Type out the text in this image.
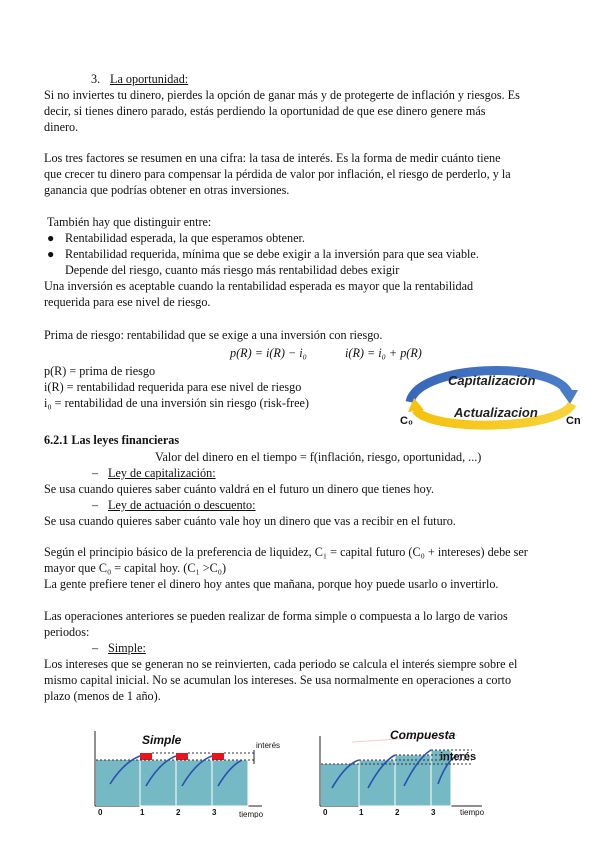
3. La oportunidad:
Si no inviertes tu dinero, pierdes la opción de ganar más y de protegerte de inflación y riesgos. Es
decir, si tienes dinero parado, estás perdiendo la oportunidad de que ese dinero genere más
dinero.
Los tres factores se resumen en una cifra: la tasa de interés. Es la forma de medir cuánto tiene
que crecer tu dinero para compensar la pérdida de valor por inflación, el riesgo de perderlo, y la
ganancia que podrías obtener en otras inversiones.
También hay que distinguir entre:
● Rentabilidad esperada, la que esperamos obtener.
● Rentabilidad requerida, mínima que se debe exigir a la inversión para que sea viable.
Depende del riesgo, cuanto más riesgo más rentabilidad debes exigir
Una inversión es aceptable cuando la rentabilidad esperada es mayor que la rentabilidad
requerida para ese nivel de riesgo.
Prima de riesgo: rentabilidad que se exige a una inversión con riesgo.
p(R) = i(R) − i₀	i(R) = i₀ + p(R)
p(R) = prima de riesgo
i(R) = rentabilidad requerida para ese nivel de riesgo
i₀ = rentabilidad de una inversión sin riesgo (risk-free)
Capitalización
Actualizacion
C₀	Cn
6.2.1 Las leyes financieras
Valor del dinero en el tiempo = f(inflación, riesgo, oportunidad, ...)
– Ley de capitalización:
Se usa cuando quieres saber cuánto valdrá en el futuro un dinero que tienes hoy.
– Ley de actuación o descuento:
Se usa cuando quieres saber cuánto vale hoy un dinero que vas a recibir en el futuro.
Según el principio básico de la preferencia de liquidez, C₁ = capital futuro (C₀ + intereses) debe ser
mayor que C₀ = capital hoy. (C₁ >C₀)
La gente prefiere tener el dinero hoy antes que mañana, porque hoy puede usarlo o invertirlo.
Las operaciones anteriores se pueden realizar de forma simple o compuesta a lo largo de varios
periodos:
– Simple:
Los intereses que se generan no se reinvierten, cada periodo se calcula el interés siempre sobre el
mismo capital inicial. No se acumulan los intereses. Se usa normalmente en operaciones a corto
plazo (menos de 1 año).
Simple	interés
tiempo
0	1	2	3
Compuesta
interés
tiempo
0	1	2	3
